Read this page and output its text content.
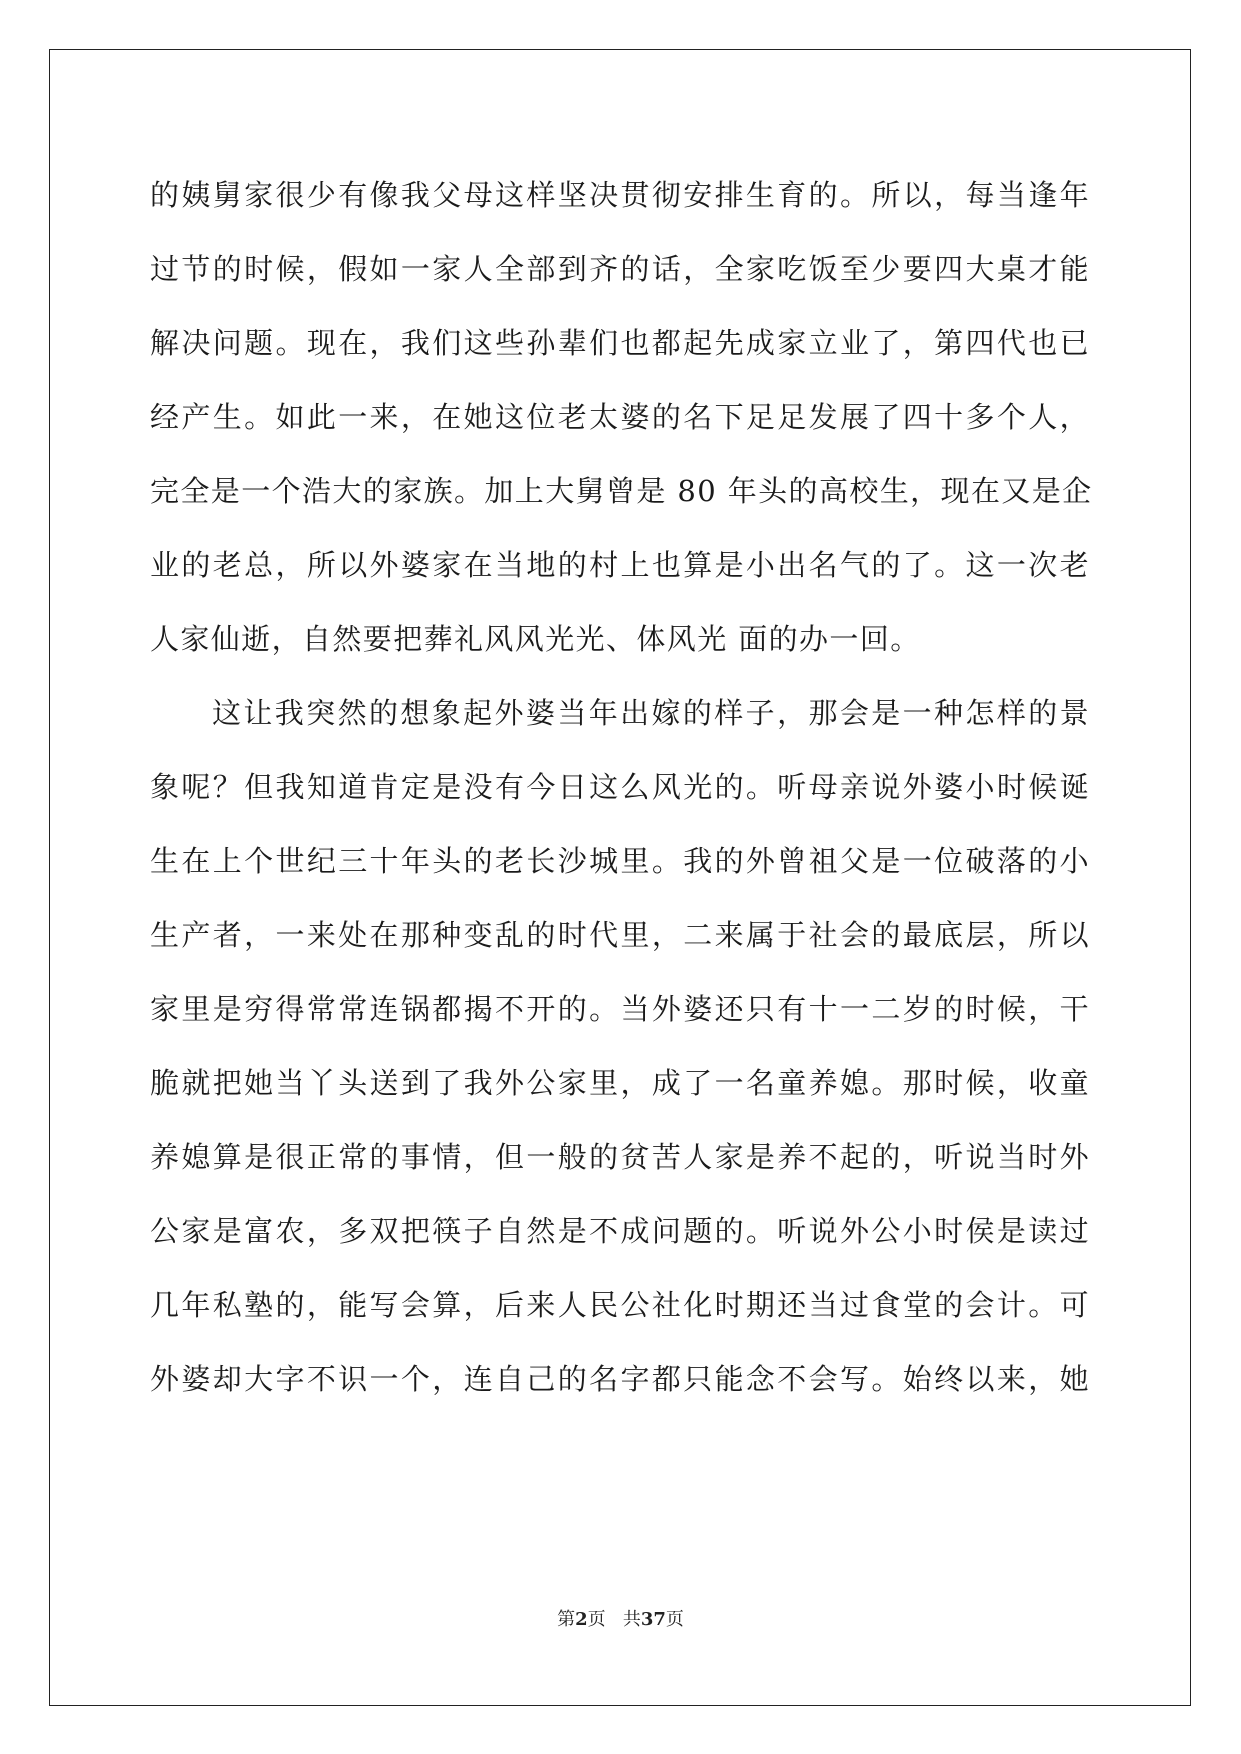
的姨舅家很少有像我父母这样坚决贯彻安排生育的。所以，每当逢年
过节的时候，假如一家人全部到齐的话，全家吃饭至少要四大桌才能
解决问题。现在，我们这些孙辈们也都起先成家立业了，第四代也已
经产生。如此一来，在她这位老太婆的名下足足发展了四十多个人，
完全是一个浩大的家族。加上大舅曾是 80 年头的高校生，现在又是企
业的老总，所以外婆家在当地的村上也算是小出名气的了。这一次老
人家仙逝，自然要把葬礼风风光光、体风光 面的办一回。
这让我突然的想象起外婆当年出嫁的样子，那会是一种怎样的景
象呢？但我知道肯定是没有今日这么风光的。听母亲说外婆小时候诞
生在上个世纪三十年头的老长沙城里。我的外曾祖父是一位破落的小
生产者，一来处在那种变乱的时代里，二来属于社会的最底层，所以
家里是穷得常常连锅都揭不开的。当外婆还只有十一二岁的时候，干
脆就把她当丫头送到了我外公家里，成了一名童养媳。那时候，收童
养媳算是很正常的事情，但一般的贫苦人家是养不起的，听说当时外
公家是富农，多双把筷子自然是不成问题的。听说外公小时侯是读过
几年私塾的，能写会算，后来人民公社化时期还当过食堂的会计。可
外婆却大字不识一个，连自己的名字都只能念不会写。始终以来，她
第2页 共37页
